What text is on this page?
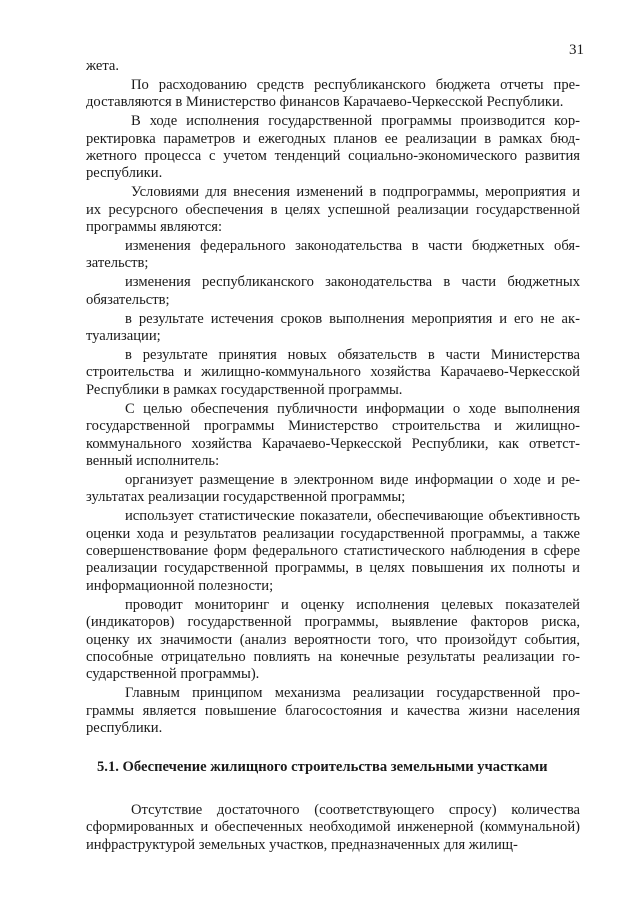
31

жета.

По расходованию средств республиканского бюджета отчеты предоставляются в Министерство финансов Карачаево-Черкесской Республики.

В ходе исполнения государственной программы производится корректировка параметров и ежегодных планов ее реализации в рамках бюджетного процесса с учетом тенденций социально-экономического развития республики.

Условиями для внесения изменений в подпрограммы, мероприятия и их ресурсного обеспечения в целях успешной реализации государственной программы являются:

изменения федерального законодательства в части бюджетных обязательств;

изменения республиканского законодательства в части бюджетных обязательств;

в результате истечения сроков выполнения мероприятия и его не актуализации;

в результате принятия новых обязательств в части Министерства строительства и жилищно-коммунального хозяйства Карачаево-Черкесской Республики в рамках государственной программы.

С целью обеспечения публичности информации о ходе выполнения государственной программы Министерство строительства и жилищно-коммунального хозяйства Карачаево-Черкесской Республики, как ответственный исполнитель:

организует размещение в электронном виде информации о ходе и результатах реализации государственной программы;

использует статистические показатели, обеспечивающие объективность оценки хода и результатов реализации государственной программы, а также совершенствование форм федерального статистического наблюдения в сфере реализации государственной программы, в целях повышения их полноты и информационной полезности;

проводит мониторинг и оценку исполнения целевых показателей (индикаторов) государственной программы, выявление факторов риска, оценку их значимости (анализ вероятности того, что произойдут события, способные отрицательно повлиять на конечные результаты реализации государственной программы).

Главным принципом механизма реализации государственной программы является повышение благосостояния и качества жизни населения республики.

5.1. Обеспечение жилищного строительства земельными участками

Отсутствие достаточного (соответствующего спросу) количества сформированных и обеспеченных необходимой инженерной (коммунальной) инфраструктурой земельных участков, предназначенных для жилищ-
